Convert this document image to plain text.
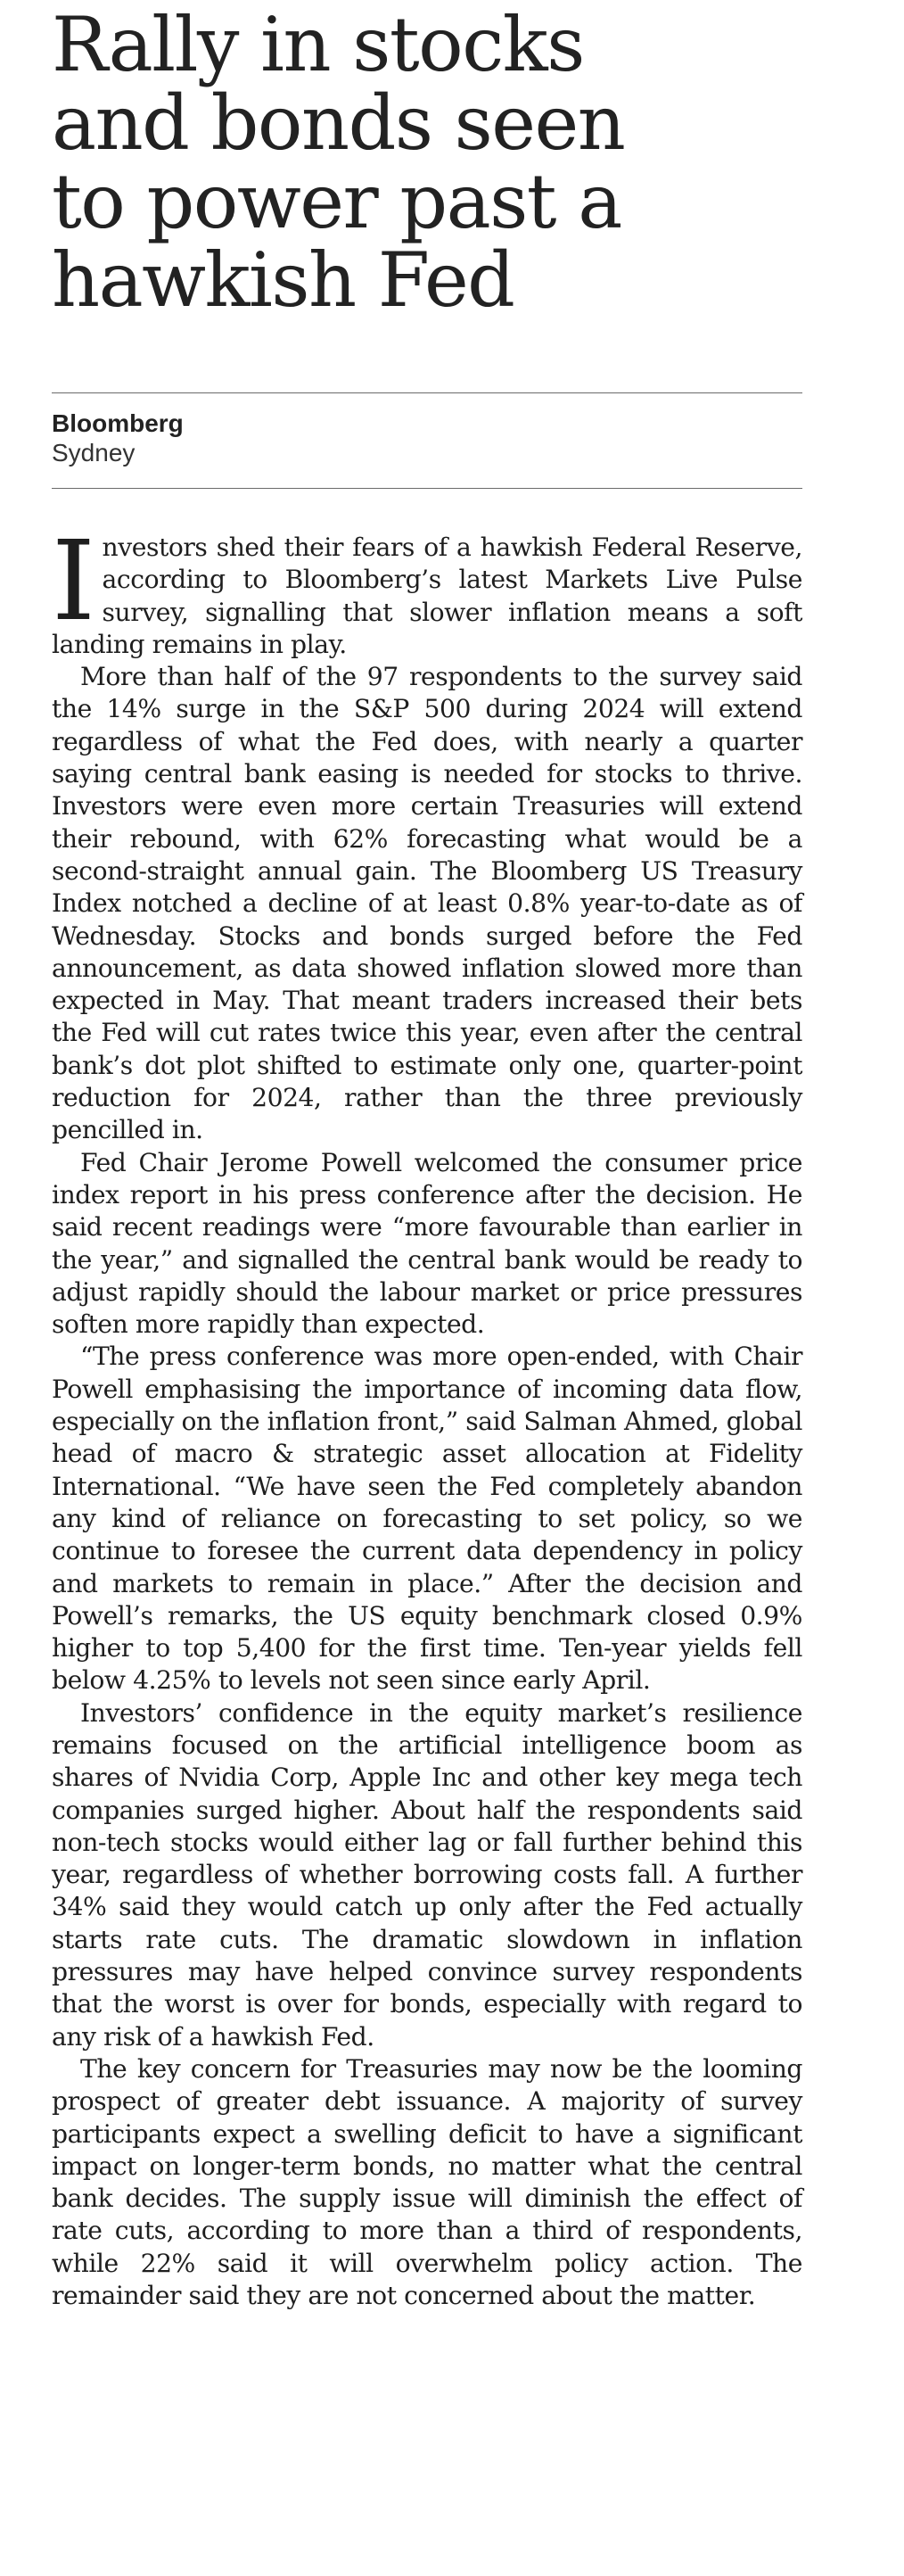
Rally in stocks
and bonds seen
to power past a
hawkish Fed
Bloomberg
Sydney

Investors shed their fears of a hawkish Federal Reserve, according to Bloomberg’s latest Markets Live Pulse survey, signalling that slower inflation means a soft landing remains in play.

More than half of the 97 respondents to the survey said the 14% surge in the S&P 500 during 2024 will extend regardless of what the Fed does, with nearly a quarter saying central bank easing is needed for stocks to thrive. Investors were even more certain Treasuries will extend their rebound, with 62% forecasting what would be a second-straight annual gain. The Bloomberg US Treasury Index notched a decline of at least 0.8% year-to-date as of Wednesday. Stocks and bonds surged before the Fed announcement, as data showed inflation slowed more than expected in May. That meant traders increased their bets the Fed will cut rates twice this year, even after the central bank’s dot plot shifted to estimate only one, quarter-point reduction for 2024, rather than the three previously pencilled in.

Fed Chair Jerome Powell welcomed the consumer price index report in his press conference after the decision. He said recent readings were “more favourable than earlier in the year,” and signalled the central bank would be ready to adjust rapidly should the labour market or price pressures soften more rapidly than expected.

“The press conference was more open-ended, with Chair Powell emphasising the importance of incoming data flow, especially on the inflation front,” said Salman Ahmed, global head of macro & strategic asset allocation at Fidelity International. “We have seen the Fed completely abandon any kind of reliance on forecasting to set policy, so we continue to foresee the current data dependency in policy and markets to remain in place.” After the decision and Powell’s remarks, the US equity benchmark closed 0.9% higher to top 5,400 for the first time. Ten-year yields fell below 4.25% to levels not seen since early April.

Investors’ confidence in the equity market’s resilience remains focused on the artificial intelligence boom as shares of Nvidia Corp, Apple Inc and other key mega tech companies surged higher. About half the respondents said non-tech stocks would either lag or fall further behind this year, regardless of whether borrowing costs fall. A further 34% said they would catch up only after the Fed actually starts rate cuts. The dramatic slowdown in inflation pressures may have helped convince survey respondents that the worst is over for bonds, especially with regard to any risk of a hawkish Fed.

The key concern for Treasuries may now be the looming prospect of greater debt issuance. A majority of survey participants expect a swelling deficit to have a significant impact on longer-term bonds, no matter what the central bank decides. The supply issue will diminish the effect of rate cuts, according to more than a third of respondents, while 22% said it will overwhelm policy action. The remainder said they are not concerned about the matter.
